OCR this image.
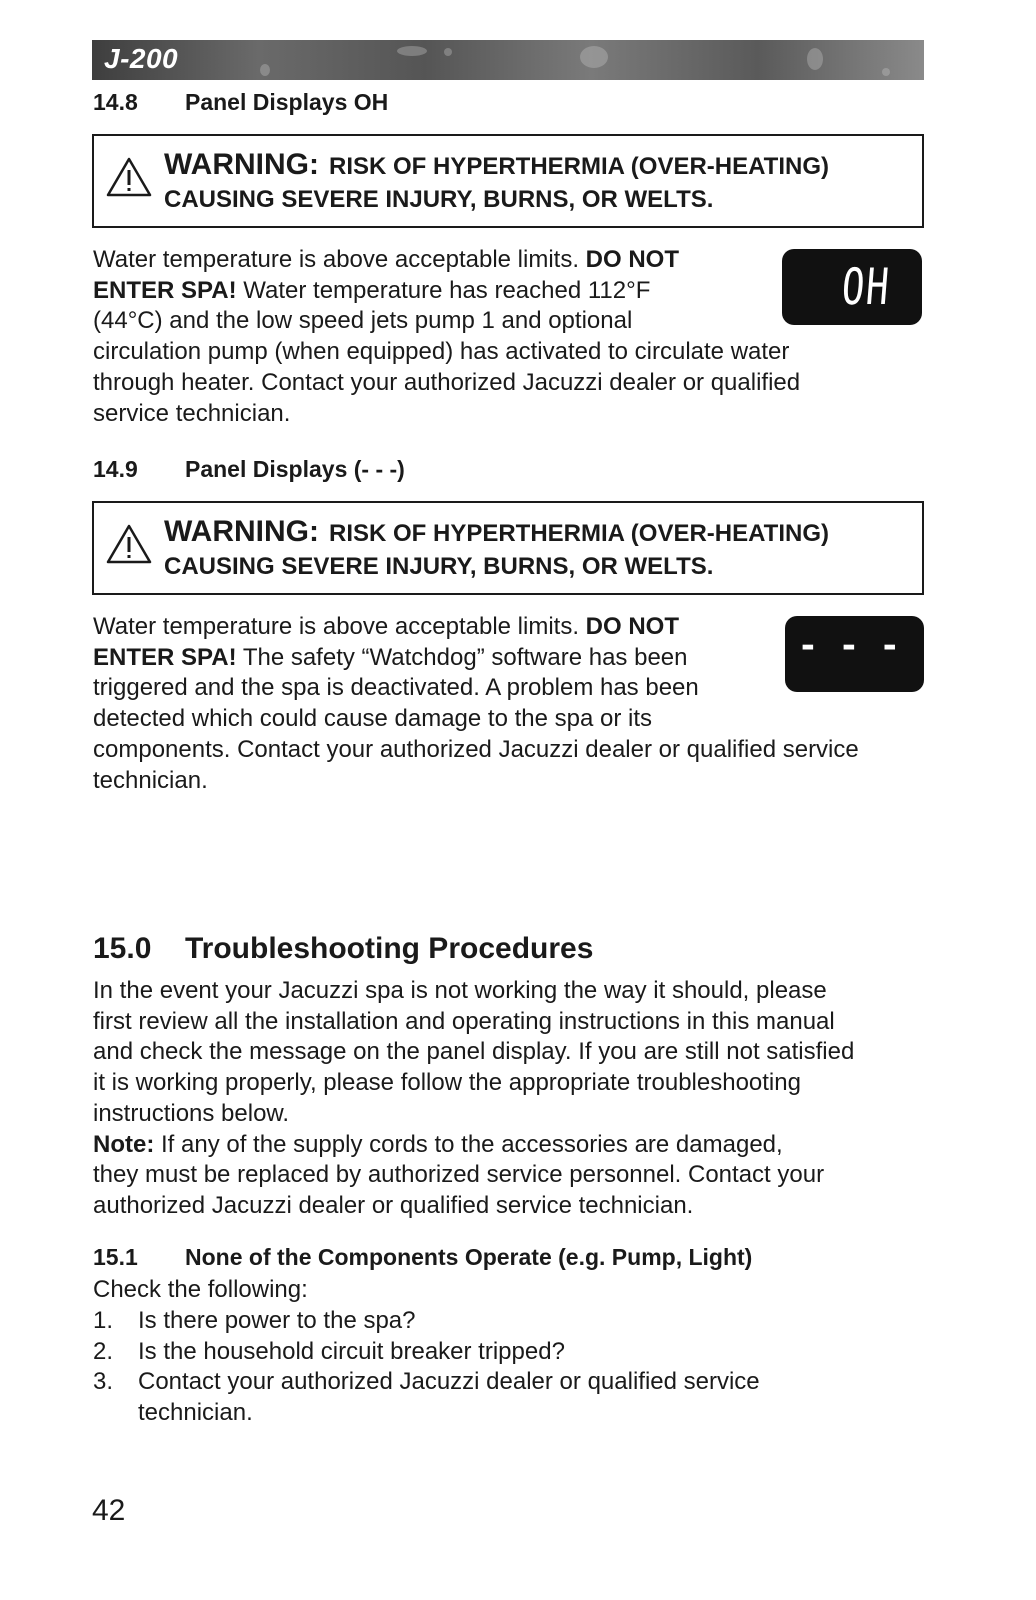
J-200
14.8 Panel Displays OH
WARNING: RISK OF HYPERTHERMIA (OVER-HEATING)
CAUSING SEVERE INJURY, BURNS, OR WELTS.
Water temperature is above acceptable limits. DO NOT
ENTER SPA! Water temperature has reached 112°F
(44°C) and the low speed jets pump 1 and optional
circulation pump (when equipped) has activated to circulate water
through heater. Contact your authorized Jacuzzi dealer or qualified
service technician.
OH
14.9 Panel Displays (- - -)
WARNING: RISK OF HYPERTHERMIA (OVER-HEATING)
CAUSING SEVERE INJURY, BURNS, OR WELTS.
Water temperature is above acceptable limits. DO NOT
ENTER SPA! The safety “Watchdog” software has been
triggered and the spa is deactivated. A problem has been
detected which could cause damage to the spa or its
components. Contact your authorized Jacuzzi dealer or qualified service
technician.
- - -
15.0 Troubleshooting Procedures
In the event your Jacuzzi spa is not working the way it should, please
first review all the installation and operating instructions in this manual
and check the message on the panel display. If you are still not satisfied
it is working properly, please follow the appropriate troubleshooting
instructions below.
Note: If any of the supply cords to the accessories are damaged,
they must be replaced by authorized service personnel. Contact your
authorized Jacuzzi dealer or qualified service technician.
15.1 None of the Components Operate (e.g. Pump, Light)
Check the following:
1. Is there power to the spa?
2. Is the household circuit breaker tripped?
3. Contact your authorized Jacuzzi dealer or qualified service
technician.
42
